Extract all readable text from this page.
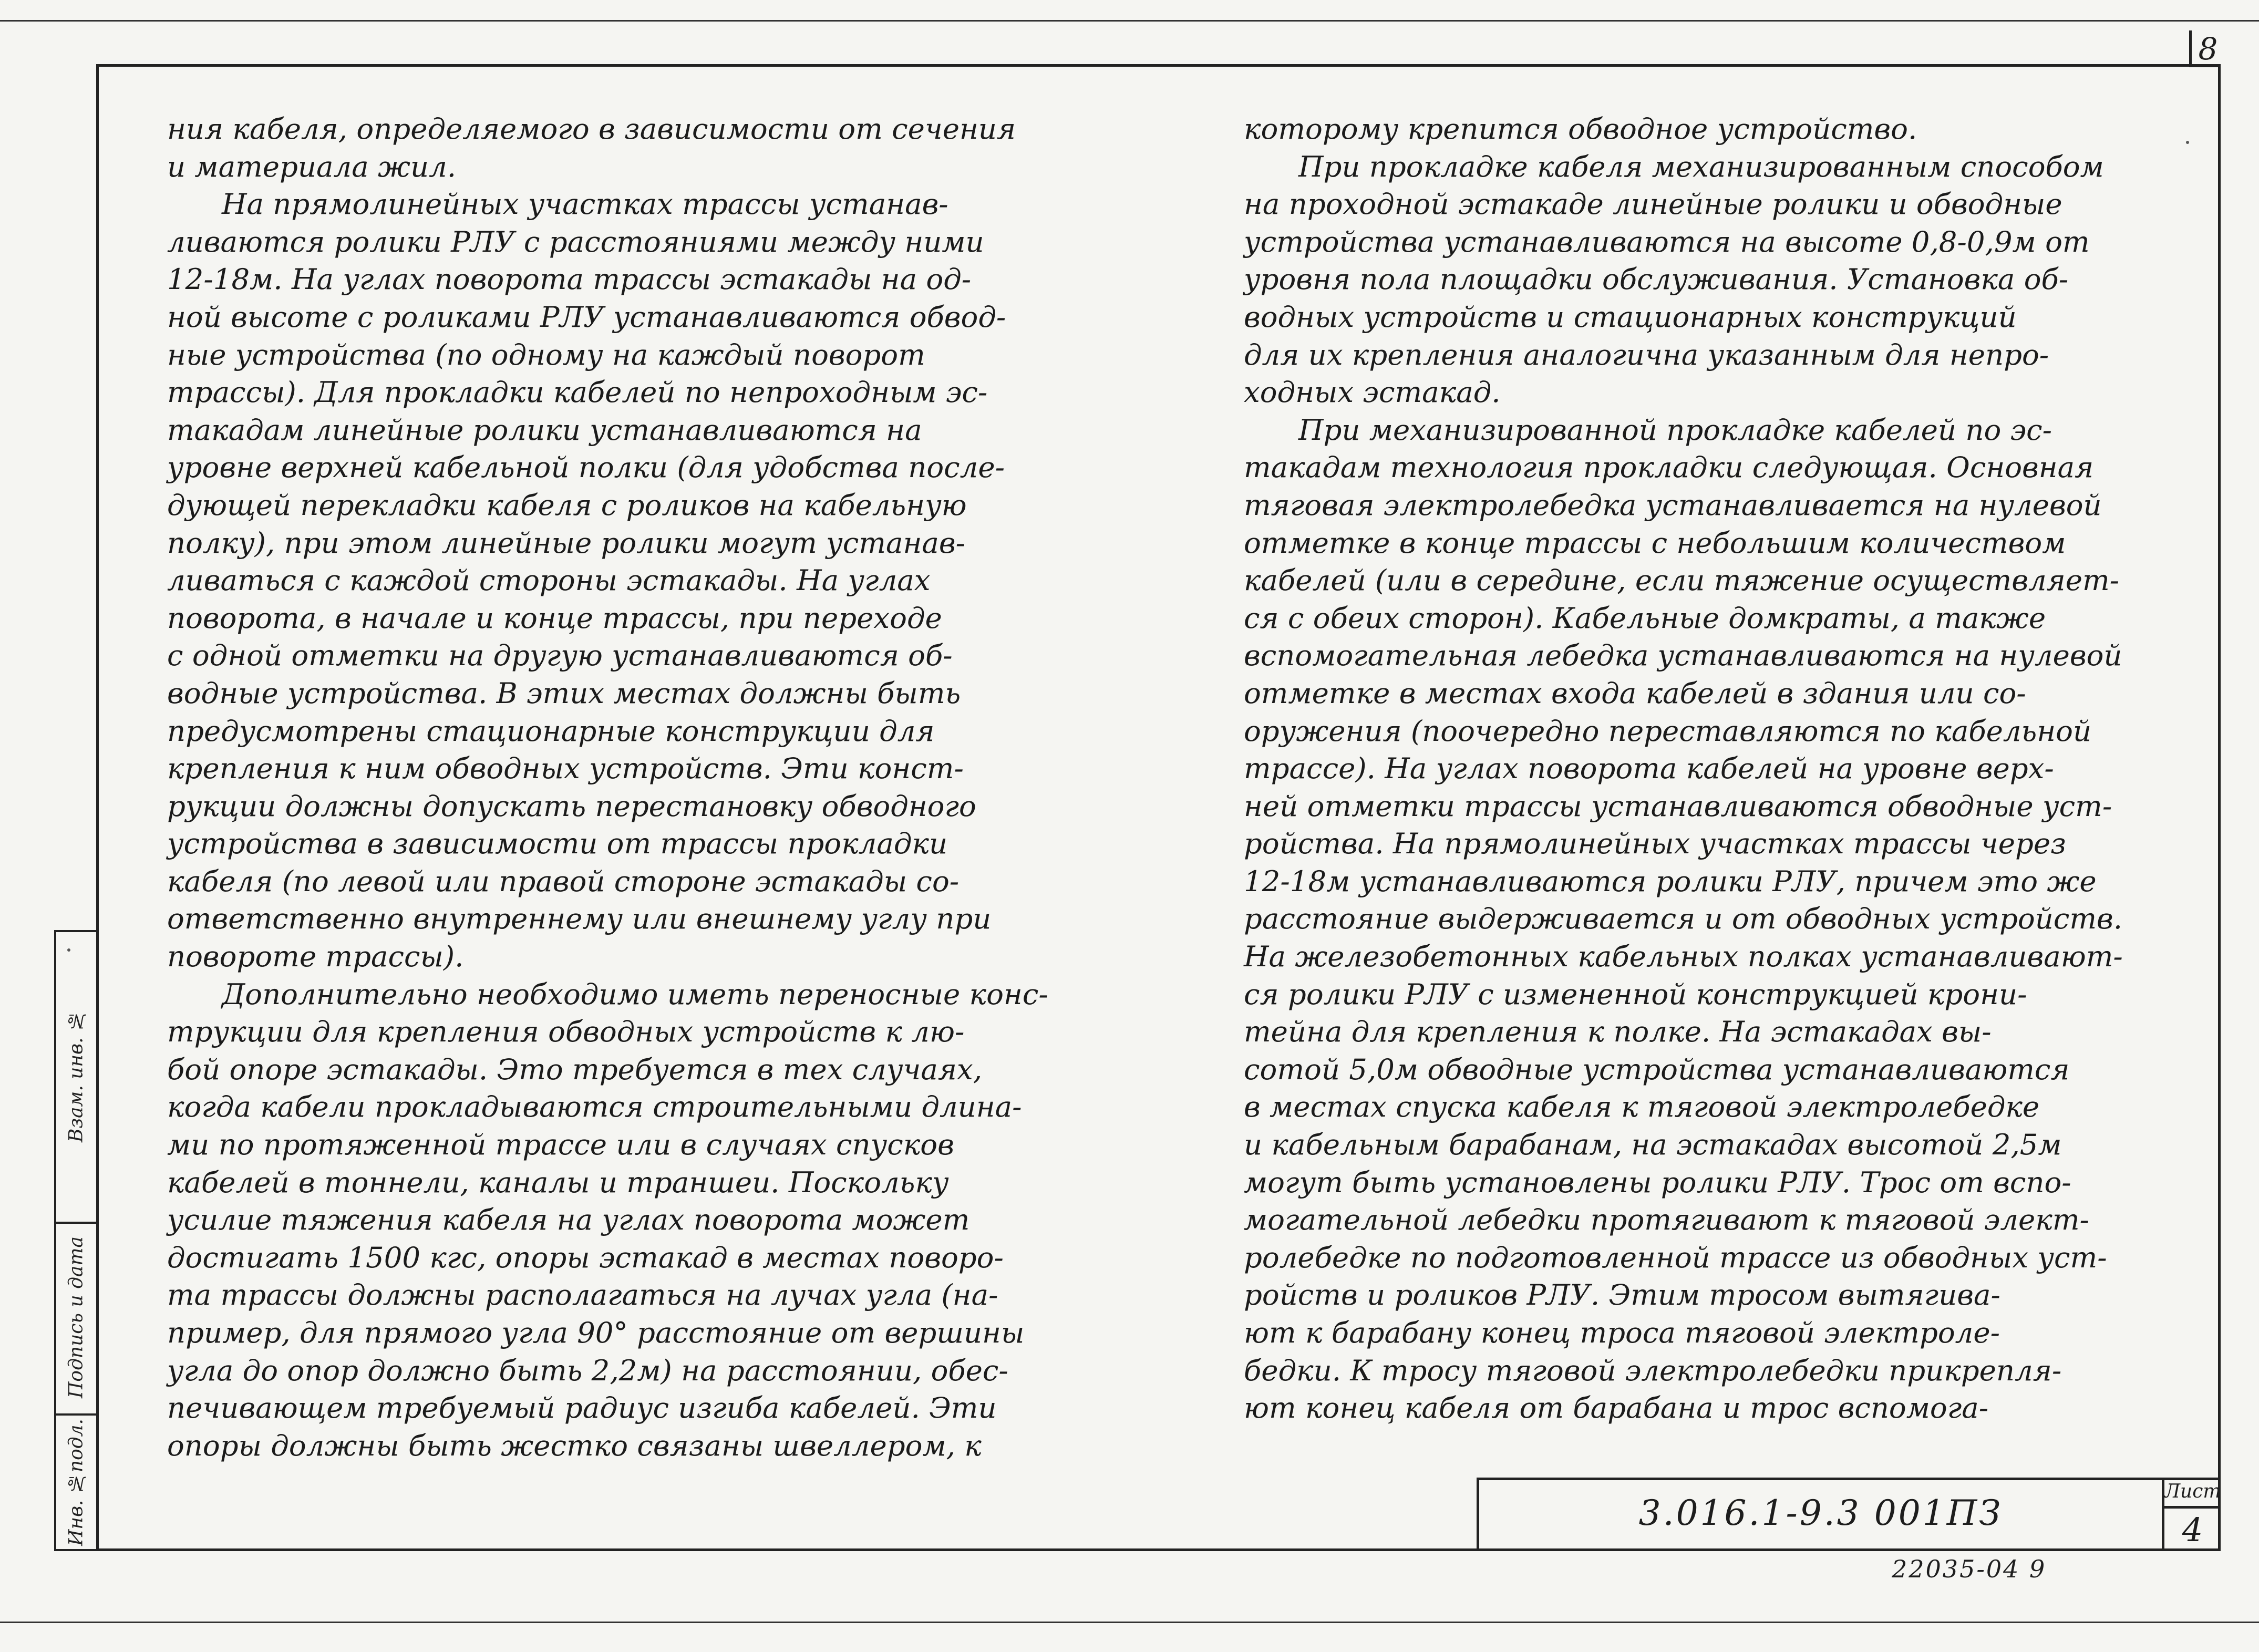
8
Инв. №подл.
Подпись и дата
Взам. инв. №

ния кабеля, определяемого в зависимости от сечения

и материала жил.

На прямолинейных участках трассы устанав-

ливаются ролики РЛУ с расстояниями между ними

12-18м. На углах поворота трассы эстакады на од-

ной высоте с роликами РЛУ устанавливаются обвод-

ные устройства (по одному на каждый поворот

трассы). Для прокладки кабелей по непроходным эс-

такадам линейные ролики устанавливаются на

уровне верхней кабельной полки (для удобства после-

дующей перекладки кабеля с роликов на кабельную

полку), при этом линейные ролики могут устанав-

ливаться с каждой стороны эстакады. На углах

поворота, в начале и конце трассы, при переходе

с одной отметки на другую устанавливаются об-

водные устройства. В этих местах должны быть

предусмотрены стационарные конструкции для

крепления к ним обводных устройств. Эти конст-

рукции должны допускать перестановку обводного

устройства в зависимости от трассы прокладки

кабеля (по левой или правой стороне эстакады со-

ответственно внутреннему или внешнему углу при

повороте трассы).

Дополнительно необходимо иметь переносные конс-

трукции для крепления обводных устройств к лю-

бой опоре эстакады. Это требуется в тех случаях,

когда кабели прокладываются строительными длина-

ми по протяженной трассе или в случаях спусков

кабелей в тоннели, каналы и траншеи. Поскольку

усилие тяжения кабеля на углах поворота может

достигать 1500 кгс, опоры эстакад в местах поворо-

та трассы должны располагаться на лучах угла (на-

пример, для прямого угла 90° расстояние от вершины

угла до опор должно быть 2,2м) на расстоянии, обес-

печивающем требуемый радиус изгиба кабелей. Эти

опоры должны быть жестко связаны швеллером, к

которому крепится обводное устройство.

При прокладке кабеля механизированным способом

на проходной эстакаде линейные ролики и обводные

устройства устанавливаются на высоте 0,8-0,9м от

уровня пола площадки обслуживания. Установка об-

водных устройств и стационарных конструкций

для их крепления аналогична указанным для непро-

ходных эстакад.

При механизированной прокладке кабелей по эс-

такадам технология прокладки следующая. Основная

тяговая электролебедка устанавливается на нулевой

отметке в конце трассы с небольшим количеством

кабелей (или в середине, если тяжение осуществляет-

ся с обеих сторон). Кабельные домкраты, а также

вспомогательная лебедка устанавливаются на нулевой

отметке в местах входа кабелей в здания или со-

оружения (поочередно переставляются по кабельной

трассе). На углах поворота кабелей на уровне верх-

ней отметки трассы устанавливаются обводные уст-

ройства. На прямолинейных участках трассы через

12-18м устанавливаются ролики РЛУ, причем это же

расстояние выдерживается и от обводных устройств.

На железобетонных кабельных полках устанавливают-

ся ролики РЛУ с измененной конструкцией крони-

тейна для крепления к полке. На эстакадах вы-

сотой 5,0м обводные устройства устанавливаются

в местах спуска кабеля к тяговой электролебедке

и кабельным барабанам, на эстакадах высотой 2,5м

могут быть установлены ролики РЛУ. Трос от вспо-

могательной лебедки протягивают к тяговой элект-

ролебедке по подготовленной трассе из обводных уст-

ройств и роликов РЛУ. Этим тросом вытягива-

ют к барабану конец троса тяговой электроле-

бедки. К тросу тяговой электролебедки прикрепля-

ют конец кабеля от барабана и трос вспомога-

3.016.1-9.3 001ПЗ
Лист
4
22035-04 9
